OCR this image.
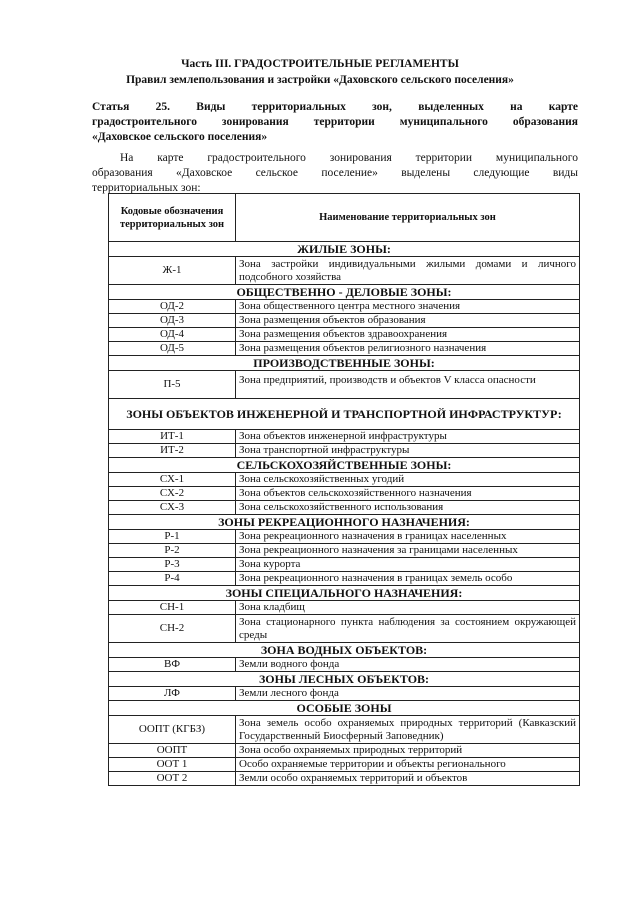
Часть III. ГРАДОСТРОИТЕЛЬНЫЕ РЕГЛАМЕНТЫ
Правил землепользования и застройки «Даховского сельского поселения»
Статья 25. Виды территориальных зон, выделенных на карте
градостроительного зонирования территории муниципального образования
«Даховское сельского поселения»
На карте градостроительного зонирования территории муниципального
образования «Даховское сельское поселение» выделены следующие виды
территориальных зон:
Кодовые обозначения территориальных зон	Наименование территориальных зон
ЖИЛЫЕ ЗОНЫ:	
Ж-1	Зона застройки индивидуальными жилыми домами и личного подсобного хозяйства

ОБЩЕСТВЕННО - ДЕЛОВЫЕ ЗОНЫ:	
ОД-2	Зона общественного центра местного значения

ОД-3	Зона размещения объектов образования

ОД-4	Зона размещения объектов здравоохранения

ОД-5	Зона размещения объектов религиозного назначения

ПРОИЗВОДСТВЕННЫЕ ЗОНЫ:	
П-5	Зона предприятий, производств и объектов V класса опасности

ЗОНЫ ОБЪЕКТОВ ИНЖЕНЕРНОЙ И ТРАНСПОРТНОЙ ИНФРАСТРУКТУР:	
ИТ-1	Зона объектов инженерной инфраструктуры

ИТ-2	Зона транспортной инфраструктуры

СЕЛЬСКОХОЗЯЙСТВЕННЫЕ ЗОНЫ:	
СХ-1	Зона сельскохозяйственных угодий

СХ-2	Зона объектов сельскохозяйственного назначения

СХ-3	Зона сельскохозяйственного использования

ЗОНЫ РЕКРЕАЦИОННОГО НАЗНАЧЕНИЯ:	
Р-1	Зона рекреационного назначения в границах населенных

Р-2	Зона рекреационного назначения за границами населенных

Р-3	Зона курорта

Р-4	Зона рекреационного назначения в границах земель особо

ЗОНЫ СПЕЦИАЛЬНОГО НАЗНАЧЕНИЯ:	
СН-1	Зона кладбищ

СН-2	Зона стационарного пункта наблюдения за состоянием окружающей среды

ЗОНА ВОДНЫХ ОБЪЕКТОВ:	
ВФ	Земли водного фонда

ЗОНЫ ЛЕСНЫХ ОБЪЕКТОВ:	
ЛФ	Земли лесного фонда

ОСОБЫЕ ЗОНЫ	
ООПТ (КГБЗ)	Зона земель особо охраняемых природных территорий (Кавказский Государственный Биосферный Заповедник)

ООПТ	Зона особо охраняемых природных территорий

ООТ 1	Особо охраняемые территории и объекты регионального

ООТ 2	Земли особо охраняемых территорий и объектов
